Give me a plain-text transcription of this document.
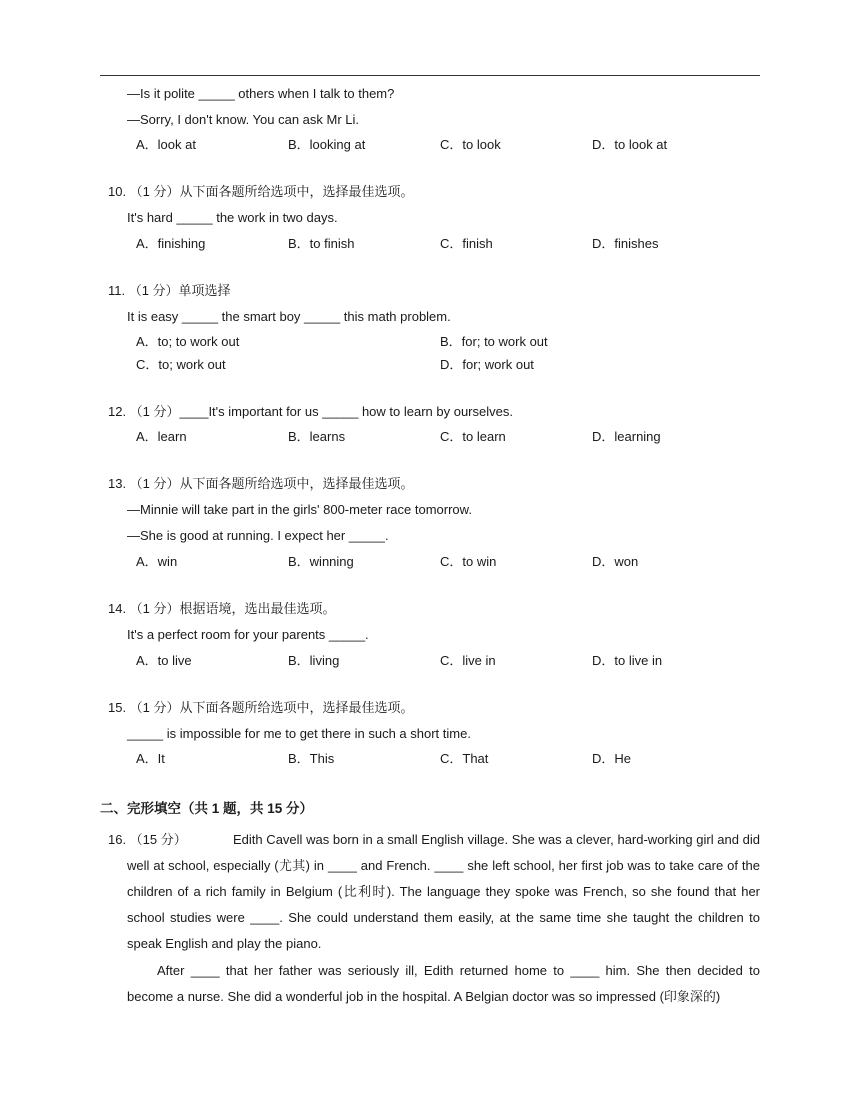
—Is it polite _____ others when I talk to them?
—Sorry, I don't know. You can ask Mr Li.
A．look at	B．looking at	C．to look	D．to look at
10. （1 分）从下面各题所给选项中，选择最佳选项。
It's hard _____ the work in two days.
A．finishing	B．to finish	C．finish	D．finishes
11. （1 分）单项选择
It is easy _____ the smart boy _____ this math problem.
A．to; to work out	B．for; to work out
C．to; work out	D．for; work out
12. （1 分）____It's important for us _____ how to learn by ourselves.
A．learn	B．learns	C．to learn	D．learning
13. （1 分）从下面各题所给选项中，选择最佳选项。
—Minnie will take part in the girls' 800-meter race tomorrow.
—She is good at running. I expect her _____.
A．win	B．winning	C．to win	D．won
14. （1 分）根据语境，选出最佳选项。
It's a perfect room for your parents _____.
A．to live	B．living	C．live in	D．to live in
15. （1 分）从下面各题所给选项中，选择最佳选项。
_____ is impossible for me to get there in such a short time.
A．It	B．This	C．That	D．He
二、完形填空（共 1 题，共 15 分）
16. （15 分）	Edith Cavell was born in a small English village. She was a clever, hard-working girl and did well at school, especially (尤其) in ____ and French. ____ she left school, her first job was to take care of the children of a rich family in Belgium (比利时). The language they spoke was French, so she found that her school studies were ____. She could understand them easily, at the same time she taught the children to speak English and play the piano.
After ____ that her father was seriously ill, Edith returned home to ____ him. She then decided to become a nurse. She did a wonderful job in the hospital. A Belgian doctor was so impressed (印象深的)
